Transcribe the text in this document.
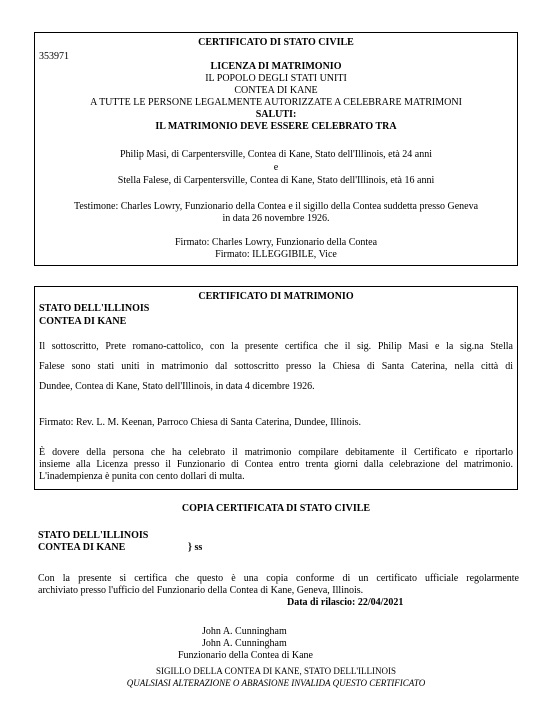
CERTIFICATO DI STATO CIVILE
353971
LICENZA DI MATRIMONIO
IL POPOLO DEGLI STATI UNITI
CONTEA DI KANE
A TUTTE LE PERSONE LEGALMENTE AUTORIZZATE A CELEBRARE MATRIMONI
SALUTI:
IL MATRIMONIO DEVE ESSERE CELEBRATO TRA
Philip Masi, di Carpentersville, Contea di Kane, Stato dell'Illinois, età 24 anni
e
Stella Falese, di Carpentersville, Contea di Kane, Stato dell'Illinois, età 16 anni
Testimone: Charles Lowry, Funzionario della Contea e il sigillo della Contea suddetta presso Geneva
in data 26 novembre 1926.
Firmato: Charles Lowry, Funzionario della Contea
Firmato: ILLEGGIBILE, Vice
CERTIFICATO DI MATRIMONIO
STATO DELL'ILLINOIS
CONTEA DI KANE
Il sottoscritto, Prete romano-cattolico, con la presente certifica che il sig. Philip Masi e la sig.na Stella
Falese sono stati uniti in matrimonio dal sottoscritto presso la Chiesa di Santa Caterina, nella città di
Dundee, Contea di Kane, Stato dell'Illinois, in data 4 dicembre 1926.
Firmato: Rev. L. M. Keenan, Parroco Chiesa di Santa Caterina, Dundee, Illinois.
È dovere della persona che ha celebrato il matrimonio compilare debitamente il Certificato e riportarlo
insieme alla Licenza presso il Funzionario di Contea entro trenta giorni dalla celebrazione del matrimonio.
L'inadempienza è punita con cento dollari di multa.
COPIA CERTIFICATA DI STATO CIVILE
STATO DELL'ILLINOIS
CONTEA DI KANE	} ss
Con la presente si certifica che questo è una copia conforme di un certificato ufficiale regolarmente
archiviato presso l'ufficio del Funzionario della Contea di Kane, Geneva, Illinois.
Data di rilascio: 22/04/2021
John A. Cunningham
John A. Cunningham
Funzionario della Contea di Kane
SIGILLO DELLA CONTEA DI KANE, STATO DELL'ILLINOIS
QUALSIASI ALTERAZIONE O ABRASIONE INVALIDA QUESTO CERTIFICATO
